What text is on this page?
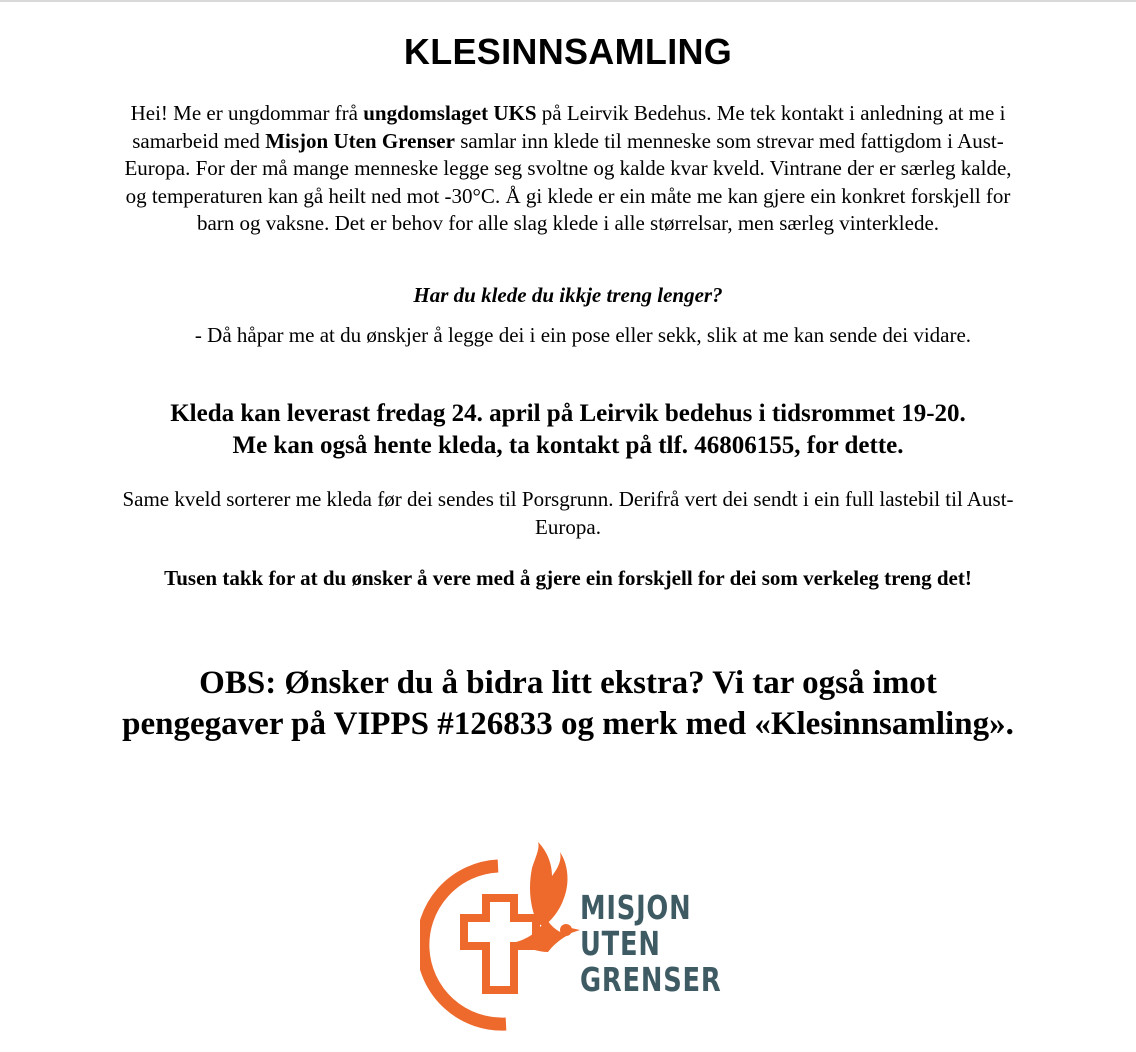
KLESINNSAMLING

Hei! Me er ungdommar frå ungdomslaget UKS på Leirvik Bedehus. Me tek kontakt i anledning at me i samarbeid med Misjon Uten Grenser samlar inn klede til menneske som strevar med fattigdom i Aust-Europa. For der må mange menneske legge seg svoltne og kalde kvar kveld. Vintrane der er særleg kalde, og temperaturen kan gå heilt ned mot -30°C. Å gi klede er ein måte me kan gjere ein konkret forskjell for barn og vaksne. Det er behov for alle slag klede i alle størrelsar, men særleg vinterklede.

Har du klede du ikkje treng lenger?

- Då håpar me at du ønskjer å legge dei i ein pose eller sekk, slik at me kan sende dei vidare.

Kleda kan leverast fredag 24. april på Leirvik bedehus i tidsrommet 19-20.
Me kan også hente kleda, ta kontakt på tlf. 46806155, for dette.

Same kveld sorterer me kleda før dei sendes til Porsgrunn. Derifrå vert dei sendt i ein full lastebil til Aust-Europa.

Tusen takk for at du ønsker å vere med å gjere ein forskjell for dei som verkeleg treng det!

OBS: Ønsker du å bidra litt ekstra? Vi tar også imot pengegaver på VIPPS #126833 og merk med «Klesinnsamling».

MISJON
UTEN
GRENSER
